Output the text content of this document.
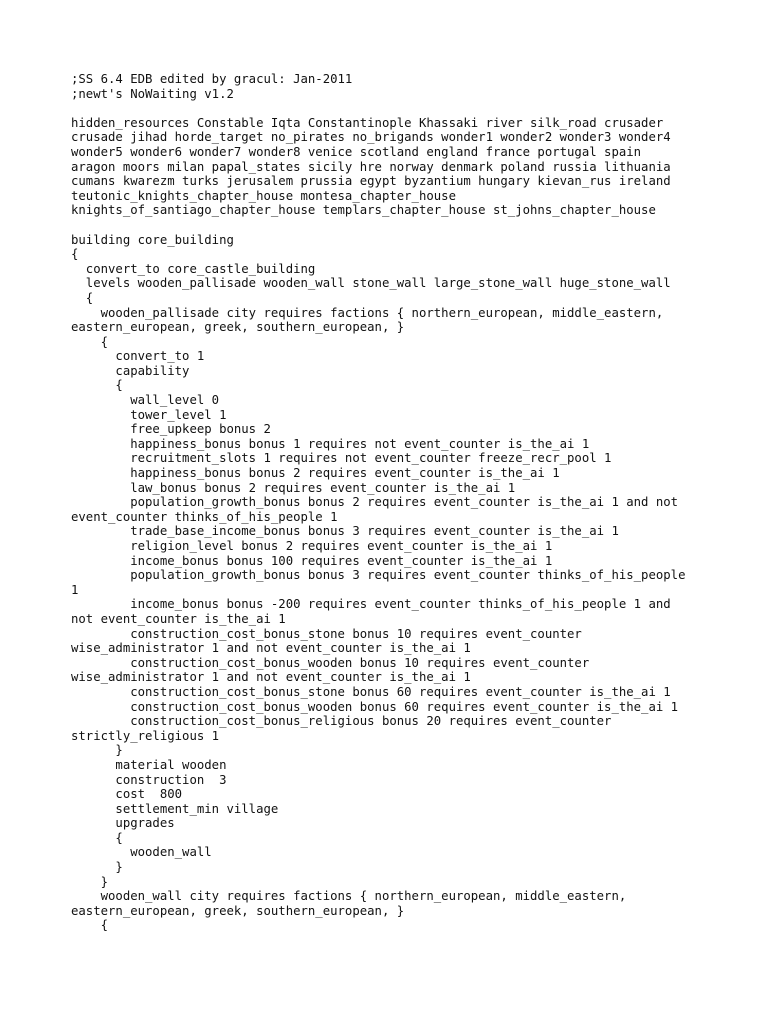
;SS 6.4 EDB edited by gracul: Jan-2011
;newt's NoWaiting v1.2
hidden_resources Constable Iqta Constantinople Khassaki river silk_road crusader
crusade jihad horde_target no_pirates no_brigands wonder1 wonder2 wonder3 wonder4
wonder5 wonder6 wonder7 wonder8 venice scotland england france portugal spain
aragon moors milan papal_states sicily hre norway denmark poland russia lithuania
cumans kwarezm turks jerusalem prussia egypt byzantium hungary kievan_rus ireland
teutonic_knights_chapter_house montesa_chapter_house
knights_of_santiago_chapter_house templars_chapter_house st_johns_chapter_house
building core_building
{
convert_to core_castle_building
levels wooden_pallisade wooden_wall stone_wall large_stone_wall huge_stone_wall
{
wooden_pallisade city requires factions { northern_european, middle_eastern,
eastern_european, greek, southern_european, }
{
convert_to 1
capability
{
wall_level 0
tower_level 1
free_upkeep bonus 2
happiness_bonus bonus 1 requires not event_counter is_the_ai 1
recruitment_slots 1 requires not event_counter freeze_recr_pool 1
happiness_bonus bonus 2 requires event_counter is_the_ai 1
law_bonus bonus 2 requires event_counter is_the_ai 1
population_growth_bonus bonus 2 requires event_counter is_the_ai 1 and not
event_counter thinks_of_his_people 1
trade_base_income_bonus bonus 3 requires event_counter is_the_ai 1
religion_level bonus 2 requires event_counter is_the_ai 1
income_bonus bonus 100 requires event_counter is_the_ai 1
population_growth_bonus bonus 3 requires event_counter thinks_of_his_people
1
income_bonus bonus -200 requires event_counter thinks_of_his_people 1 and
not event_counter is_the_ai 1
construction_cost_bonus_stone bonus 10 requires event_counter
wise_administrator 1 and not event_counter is_the_ai 1
construction_cost_bonus_wooden bonus 10 requires event_counter
wise_administrator 1 and not event_counter is_the_ai 1
construction_cost_bonus_stone bonus 60 requires event_counter is_the_ai 1
construction_cost_bonus_wooden bonus 60 requires event_counter is_the_ai 1
construction_cost_bonus_religious bonus 20 requires event_counter
strictly_religious 1
}
material wooden
construction  3
cost  800
settlement_min village
upgrades
{
wooden_wall
}
}
wooden_wall city requires factions { northern_european, middle_eastern,
eastern_european, greek, southern_european, }
{
